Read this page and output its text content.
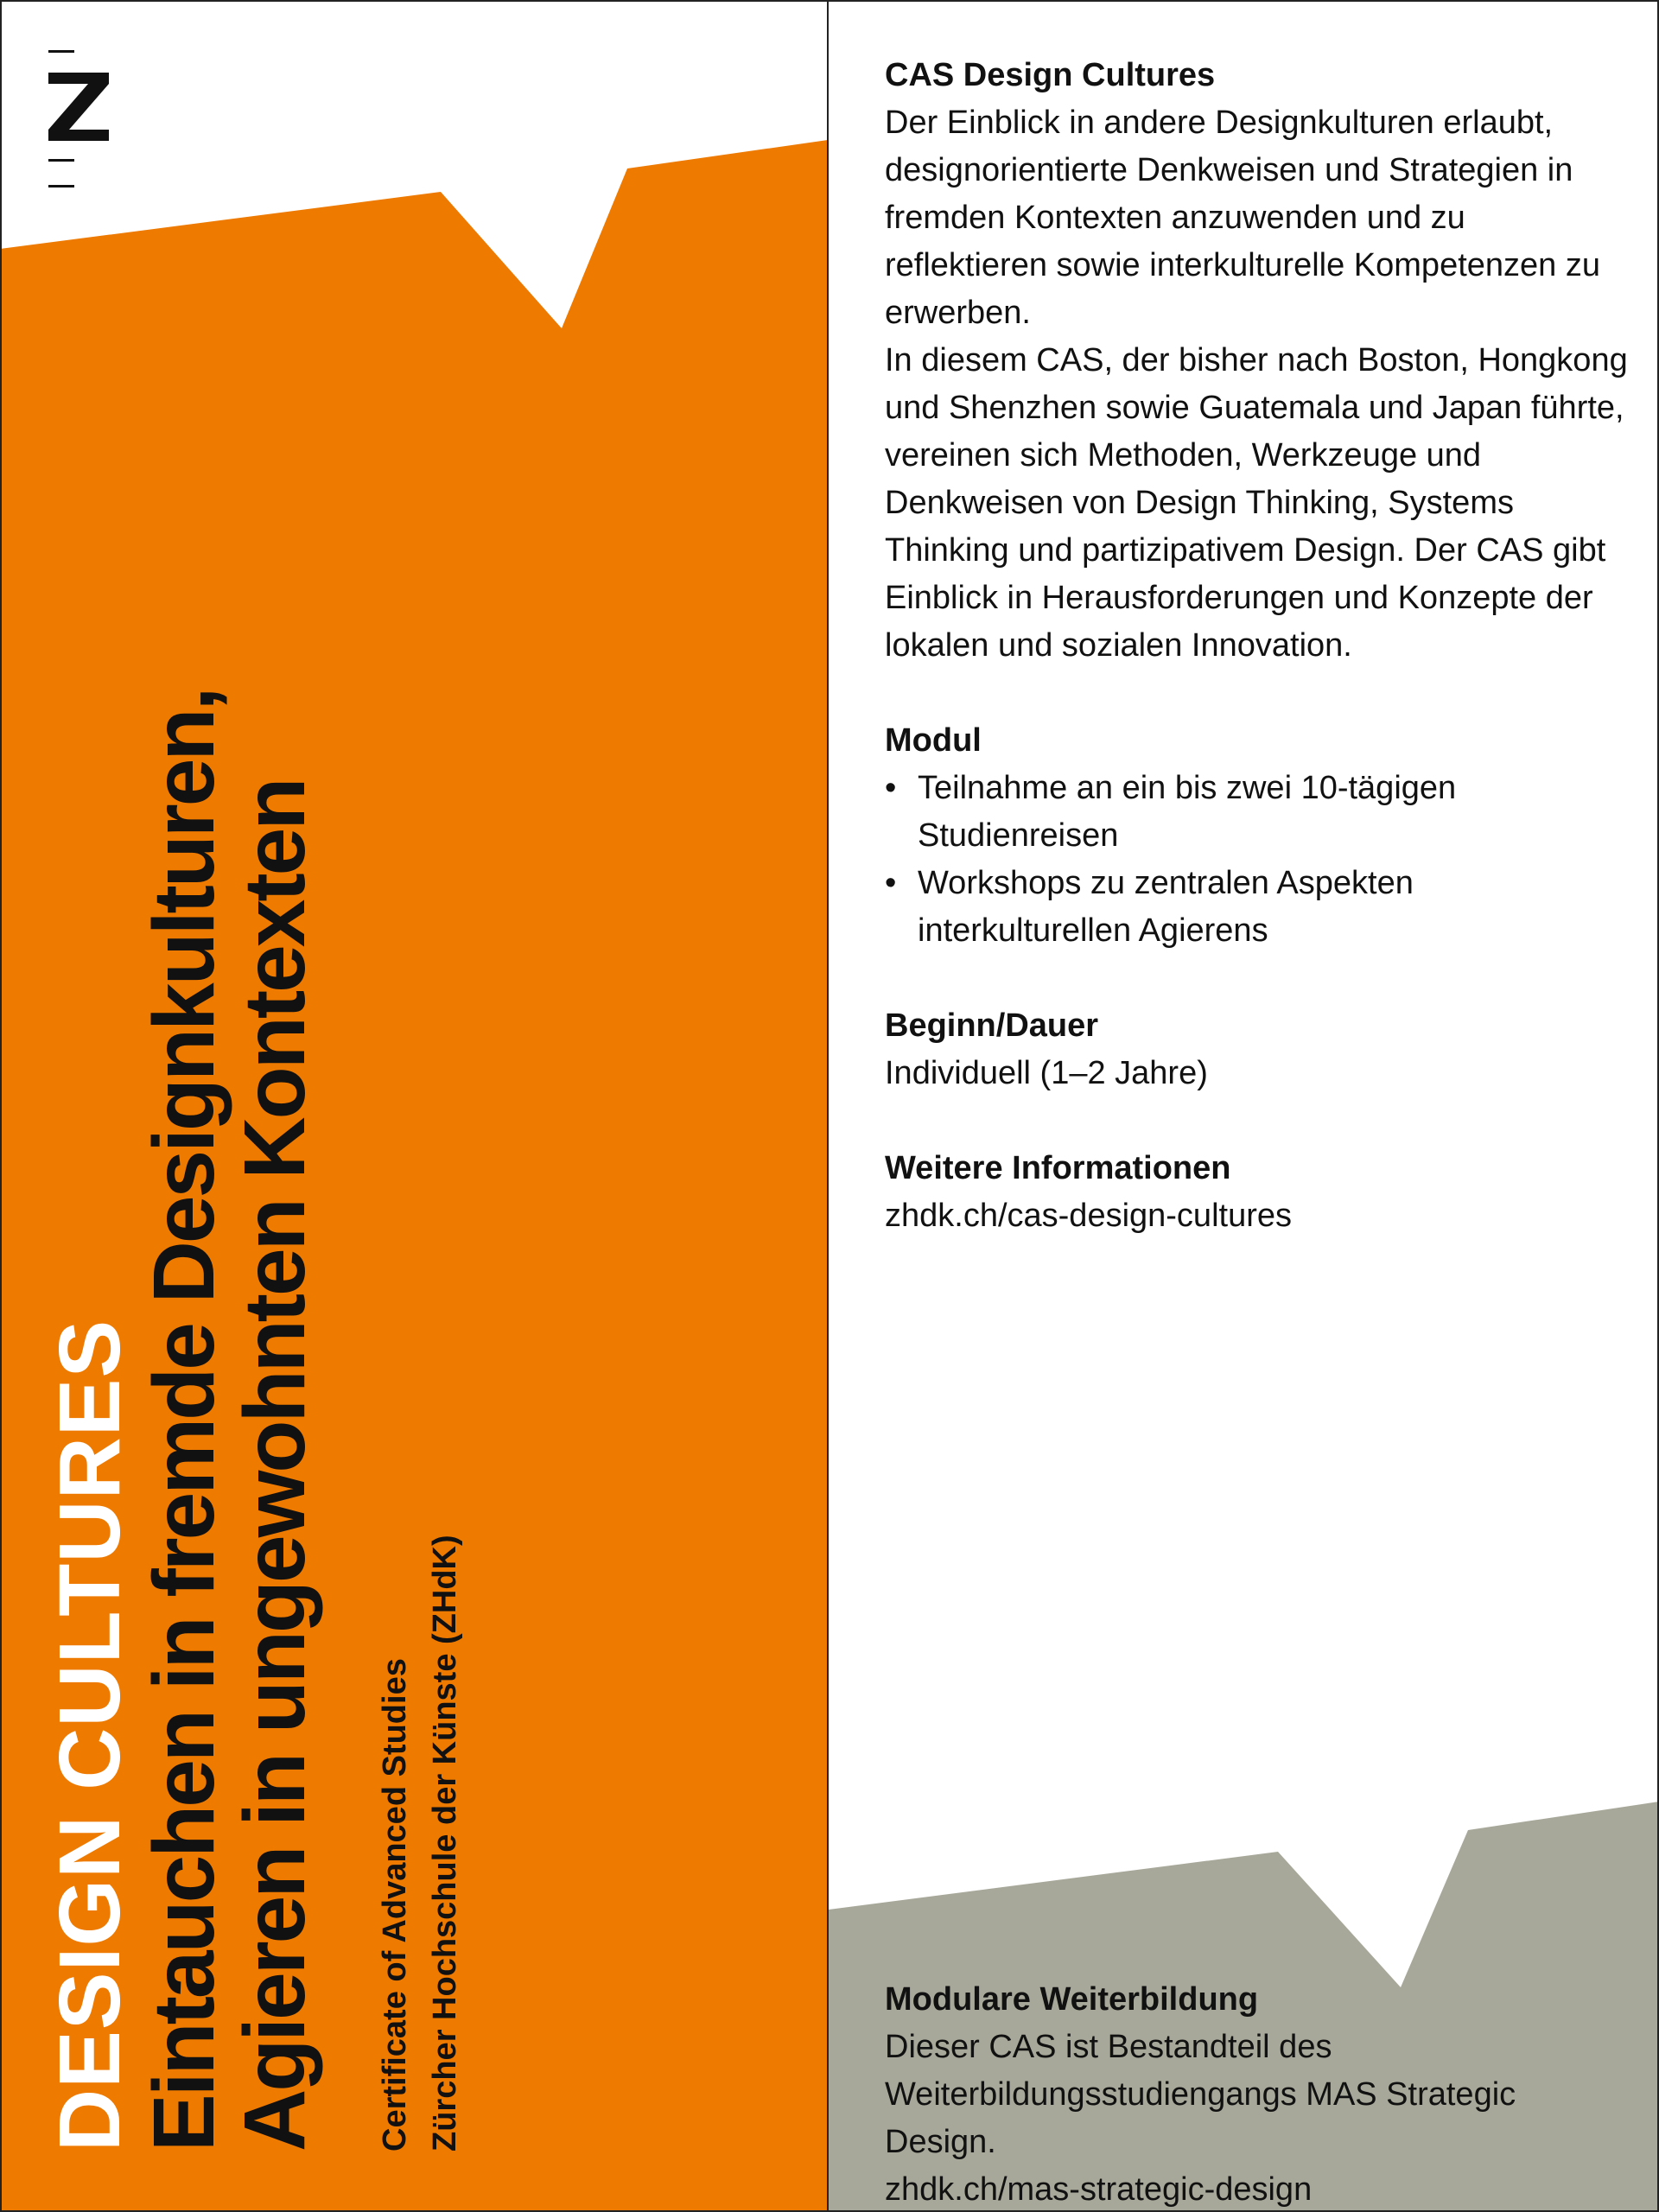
DESIGN CULTURES
Eintauchen in fremde Designkulturen,
Agieren in ungewohnten Kontexten Certificate of Advanced Studies Zürcher Hochschule der Künste (ZHdK)
CAS Design Cultures

Der Einblick in andere Designkulturen erlaubt, designorientierte Denkweisen und Strategien in fremden Kontexten anzuwenden und zu reflektieren sowie interkulturelle Kompetenzen zu erwerben.

In diesem CAS, der bisher nach Boston, Hongkong und Shenzhen sowie Guatemala und Japan führte, vereinen sich Methoden, Werkzeuge und Denkweisen von Design Thinking, Systems Thinking und partizipativem Design. Der CAS gibt Einblick in Herausforderungen und Konzepte der lokalen und sozialen Innovation.

Modul
• Teilnahme an ein bis zwei 10-tägigen Studienreisen
• Workshops zu zentralen Aspekten interkulturellen Agierens
Beginn/Dauer

Individuell (1–2 Jahre)

Weitere Informationen

zhdk.ch/cas-design-cultures

Modulare Weiterbildung

Dieser CAS ist Bestandteil des Weiterbildungsstudiengangs MAS Strategic Design.

zhdk.ch/mas-strategic-design
